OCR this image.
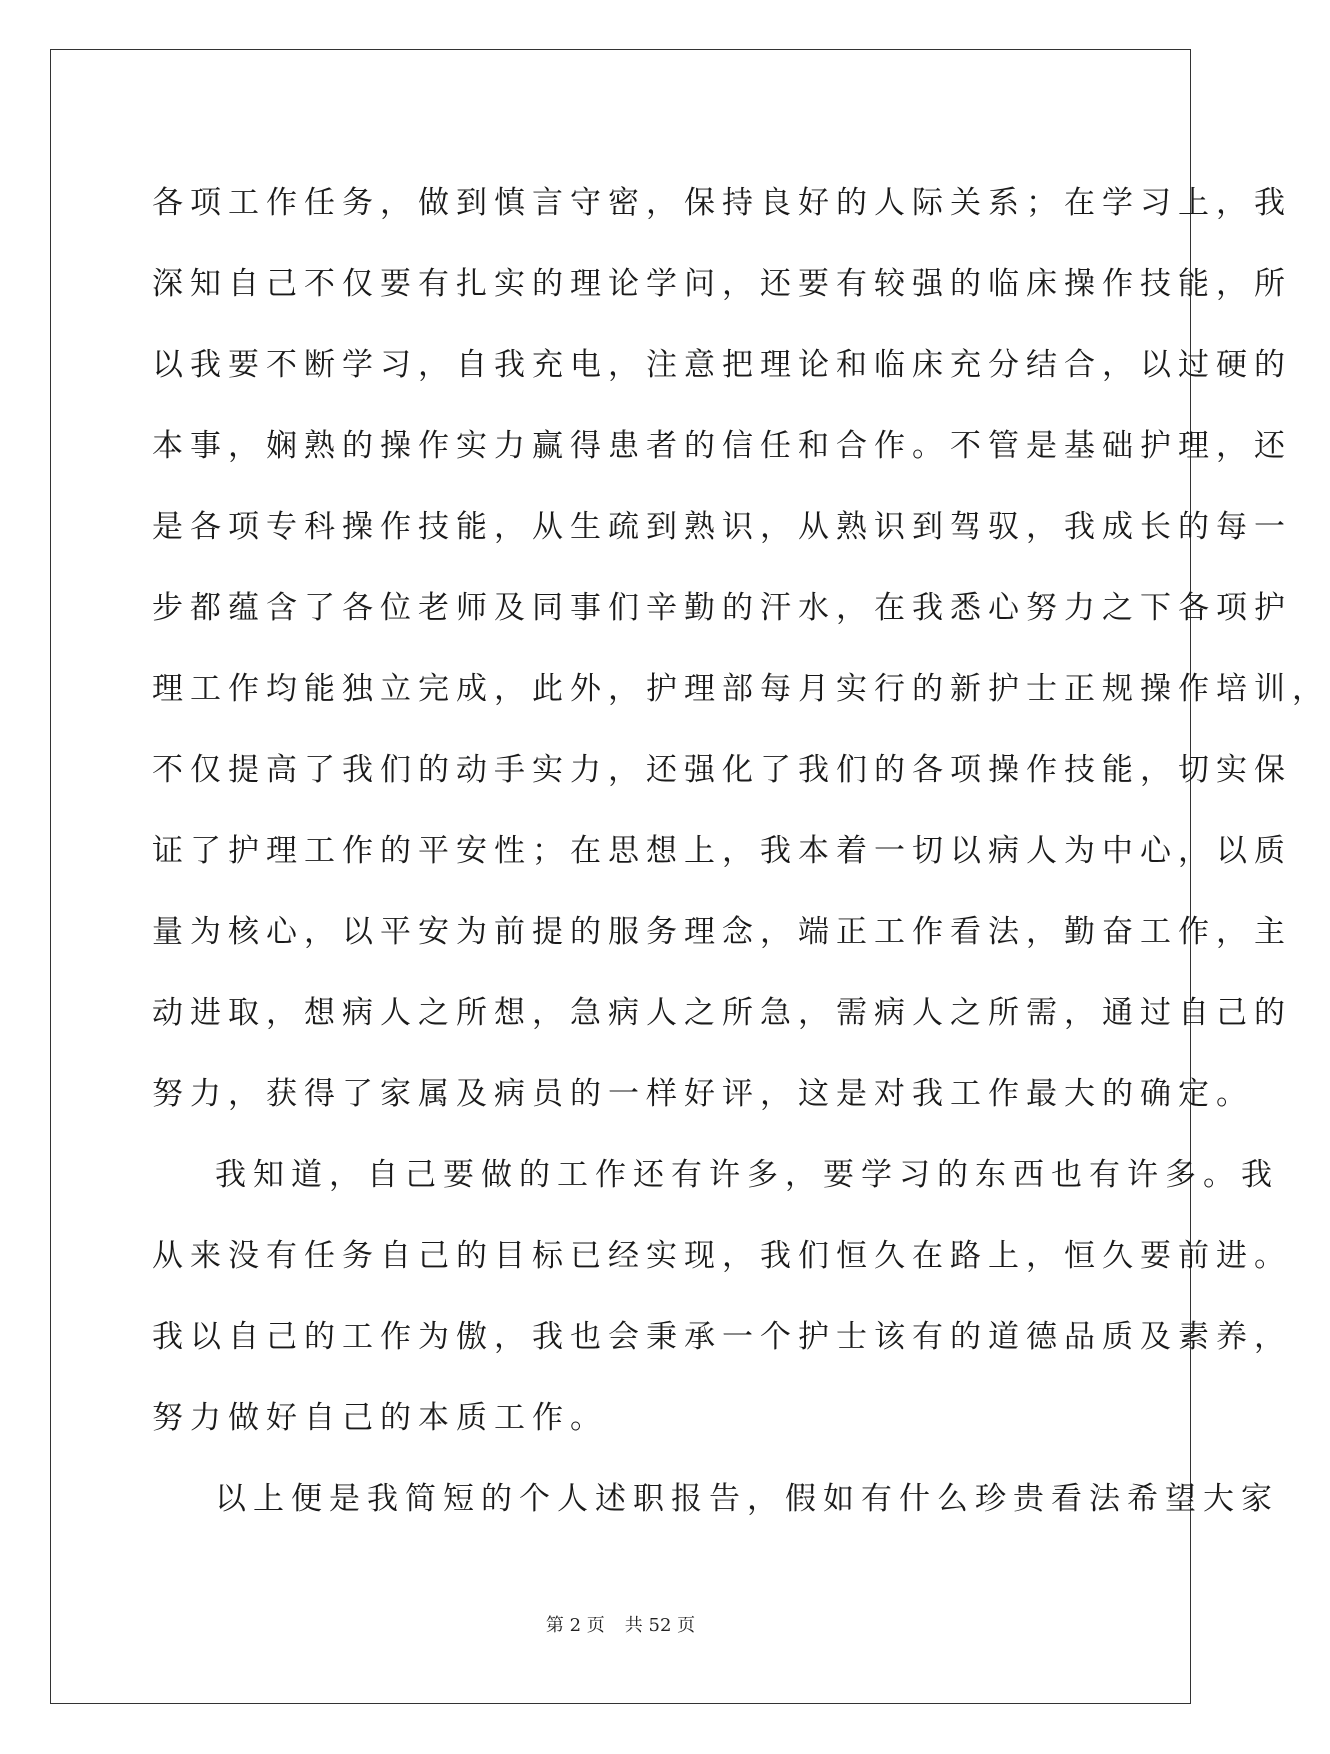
各项工作任务，做到慎言守密，保持良好的人际关系；在学习上，我
深知自己不仅要有扎实的理论学问，还要有较强的临床操作技能，所
以我要不断学习，自我充电，注意把理论和临床充分结合，以过硬的
本事，娴熟的操作实力赢得患者的信任和合作。不管是基础护理，还
是各项专科操作技能，从生疏到熟识，从熟识到驾驭，我成长的每一
步都蕴含了各位老师及同事们辛勤的汗水，在我悉心努力之下各项护
理工作均能独立完成，此外，护理部每月实行的新护士正规操作培训，
不仅提高了我们的动手实力，还强化了我们的各项操作技能，切实保
证了护理工作的平安性；在思想上，我本着一切以病人为中心，以质
量为核心，以平安为前提的服务理念，端正工作看法，勤奋工作，主
动进取，想病人之所想，急病人之所急，需病人之所需，通过自己的
努力，获得了家属及病员的一样好评，这是对我工作最大的确定。
我知道，自己要做的工作还有许多，要学习的东西也有许多。我
从来没有任务自己的目标已经实现，我们恒久在路上，恒久要前进。
我以自己的工作为傲，我也会秉承一个护士该有的道德品质及素养，
努力做好自己的本质工作。
以上便是我简短的个人述职报告，假如有什么珍贵看法希望大家
第 2 页 共 52 页
